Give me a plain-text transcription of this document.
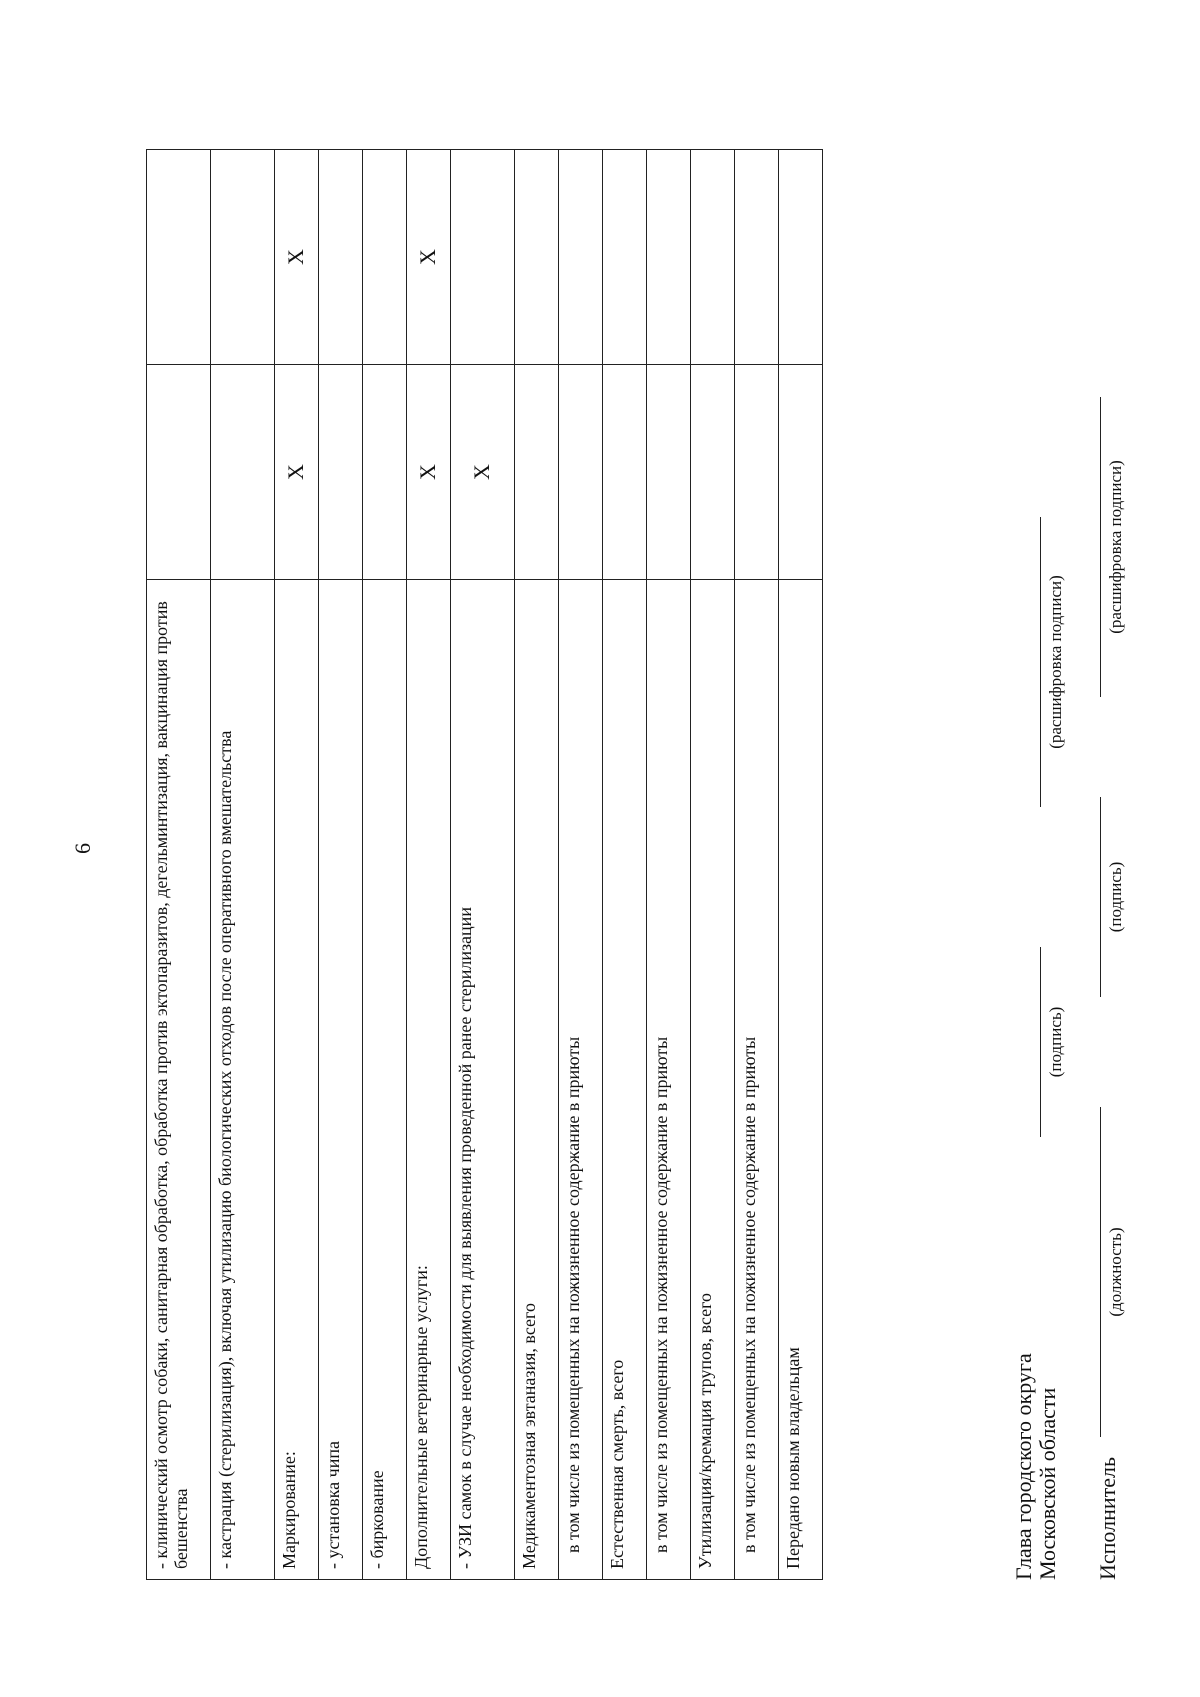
6	- клинический осмотр собаки, санитарная обработка, обработка против эктопаразитов, дегельминтизация, вакцинация против бешенства		
- кастрация (стерилизация), включая утилизацию биологических отходов после оперативного вмешательства		
Маркирование:	X	X
- установка чипа		
- биркование		
Дополнительные ветеринарные услуги:	X	X
- УЗИ самок в случае необходимости для выявления проведенной ранее стерилизации	X	
Медикаментозная эвтаназия, всего		
в том числе из помещенных на пожизненное содержание в приюты		
Естественная смерть, всего		
в том числе из помещенных на пожизненное содержание в приюты		
Утилизация/кремация трупов, всего		
в том числе из помещенных на пожизненное содержание в приюты		
Передано новым владельцам			Глава городского округа Московской области
(подпись)
(расшифровка подписи)
Исполнитель
(должность)
(подпись)
(расшифровка подписи)
